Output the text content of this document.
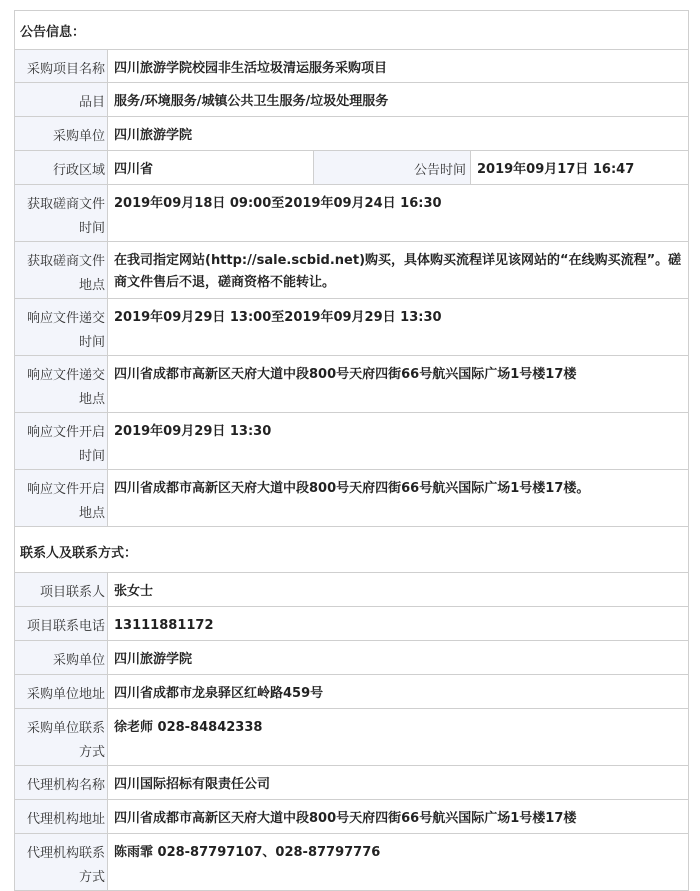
公告信息：
采购项目名称 四川旅游学院校园非生活垃圾清运服务采购项目
品目 服务/环境服务/城镇公共卫生服务/垃圾处理服务
采购单位 四川旅游学院
行政区域 四川省	公告时间 2019年09月17日 16:47
获取磋商文件时间
2019年09月18日 09:00至2019年09月24日 16:30
获取磋商文件地点
在我司指定网站(http://sale.scbid.net)购买，具体购买流程详见该网站的“在线购买流程”。磋商文件售后不退，磋商资格不能转让。
响应文件递交时间
2019年09月29日 13:00至2019年09月29日 13:30
响应文件递交地点
四川省成都市高新区天府大道中段800号天府四街66号航兴国际广场1号楼17楼
响应文件开启时间
2019年09月29日 13:30
响应文件开启地点
四川省成都市高新区天府大道中段800号天府四街66号航兴国际广场1号楼17楼。
联系人及联系方式：
项目联系人 张女士
项目联系电话 13111881172
采购单位 四川旅游学院
采购单位地址 四川省成都市龙泉驿区红岭路459号
采购单位联系方式
徐老师 028-84842338
代理机构名称 四川国际招标有限责任公司
代理机构地址 四川省成都市高新区天府大道中段800号天府四街66号航兴国际广场1号楼17楼
代理机构联系方式
陈雨霏 028-87797107、028-87797776
